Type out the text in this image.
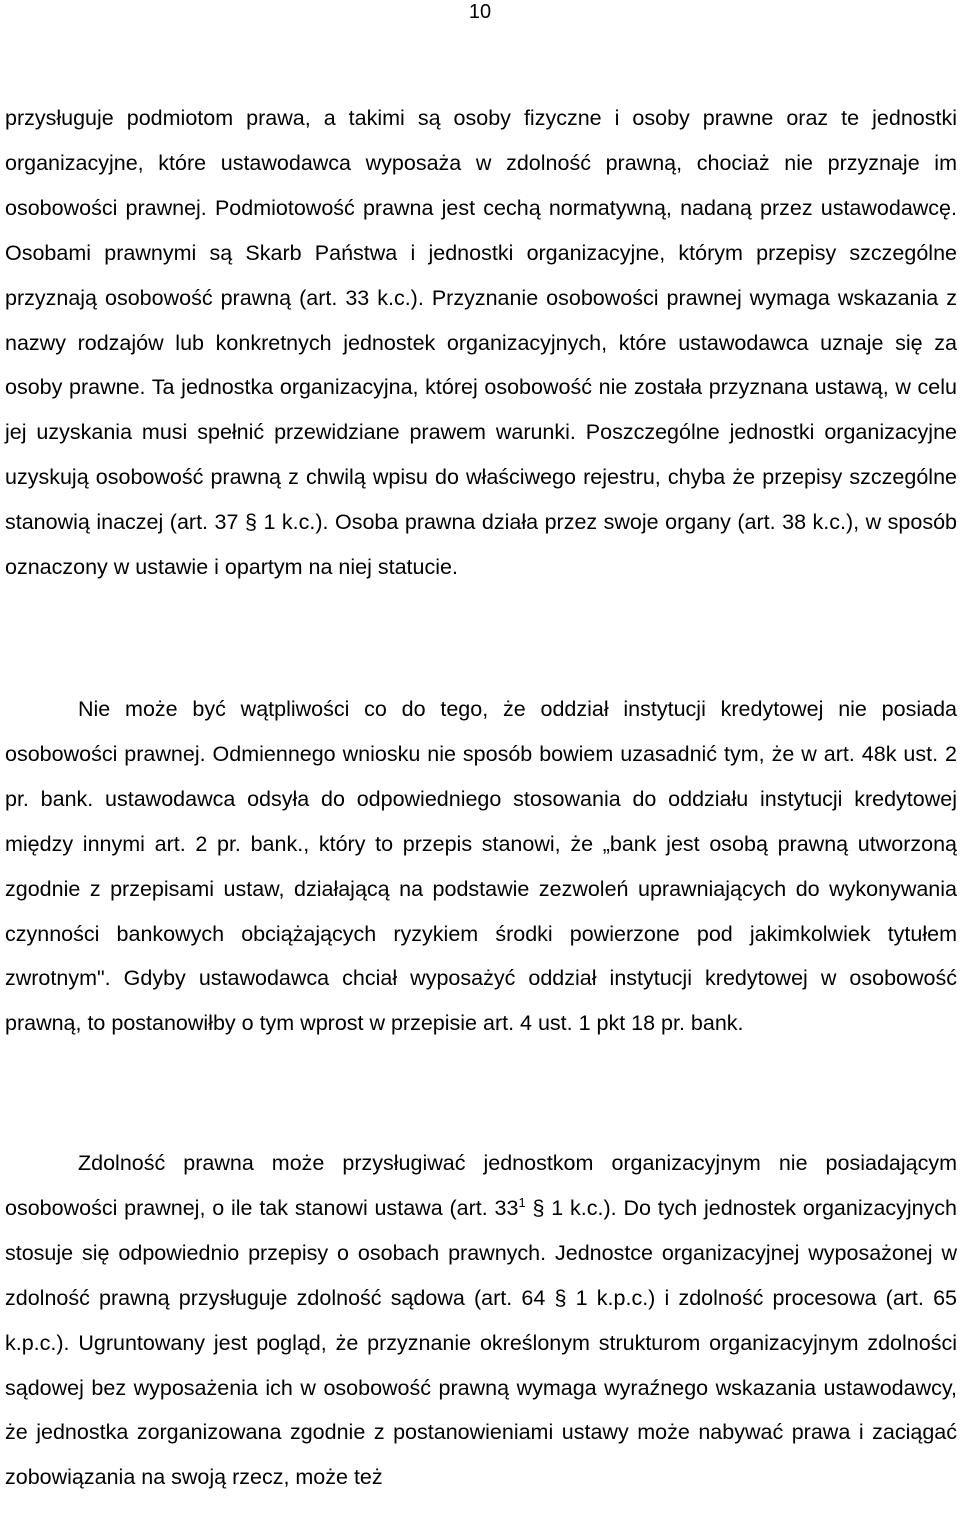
10

przysługuje podmiotom prawa, a takimi są osoby fizyczne i osoby prawne oraz te jednostki organizacyjne, które ustawodawca wyposaża w zdolność prawną, chociaż nie przyznaje im osobowości prawnej. Podmiotowość prawna jest cechą normatywną, nadaną przez ustawodawcę. Osobami prawnymi są Skarb Państwa i jednostki organizacyjne, którym przepisy szczególne przyznają osobowość prawną (art. 33 k.c.). Przyznanie osobowości prawnej wymaga wskazania z nazwy rodzajów lub konkretnych jednostek organizacyjnych, które ustawodawca uznaje się za osoby prawne. Ta jednostka organizacyjna, której osobowość nie została przyznana ustawą, w celu jej uzyskania musi spełnić przewidziane prawem warunki. Poszczególne jednostki organizacyjne uzyskują osobowość prawną z chwilą wpisu do właściwego rejestru, chyba że przepisy szczególne stanowią inaczej (art. 37 § 1 k.c.). Osoba prawna działa przez swoje organy (art. 38 k.c.), w sposób oznaczony w ustawie i opartym na niej statucie.

Nie może być wątpliwości co do tego, że oddział instytucji kredytowej nie posiada osobowości prawnej. Odmiennego wniosku nie sposób bowiem uzasadnić tym, że w art. 48k ust. 2 pr. bank. ustawodawca odsyła do odpowiedniego stosowania do oddziału instytucji kredytowej między innymi art. 2 pr. bank., który to przepis stanowi, że „bank jest osobą prawną utworzoną zgodnie z przepisami ustaw, działającą na podstawie zezwoleń uprawniających do wykonywania czynności bankowych obciążających ryzykiem środki powierzone pod jakimkolwiek tytułem zwrotnym". Gdyby ustawodawca chciał wyposażyć oddział instytucji kredytowej w osobowość prawną, to postanowiłby o tym wprost w przepisie art. 4 ust. 1 pkt 18 pr. bank.

Zdolność prawna może przysługiwać jednostkom organizacyjnym nie posiadającym osobowości prawnej, o ile tak stanowi ustawa (art. $33^1$ § 1 k.c.). Do tych jednostek organizacyjnych stosuje się odpowiednio przepisy o osobach prawnych. Jednostce organizacyjnej wyposażonej w zdolność prawną przysługuje zdolność sądowa (art. 64 § 1 k.p.c.) i zdolność procesowa (art. 65 k.p.c.). Ugruntowany jest pogląd, że przyznanie określonym strukturom organizacyjnym zdolności sądowej bez wyposażenia ich w osobowość prawną wymaga wyraźnego wskazania ustawodawcy, że jednostka zorganizowana zgodnie z postanowieniami ustawy może nabywać prawa i zaciągać zobowiązania na swoją rzecz, może też
